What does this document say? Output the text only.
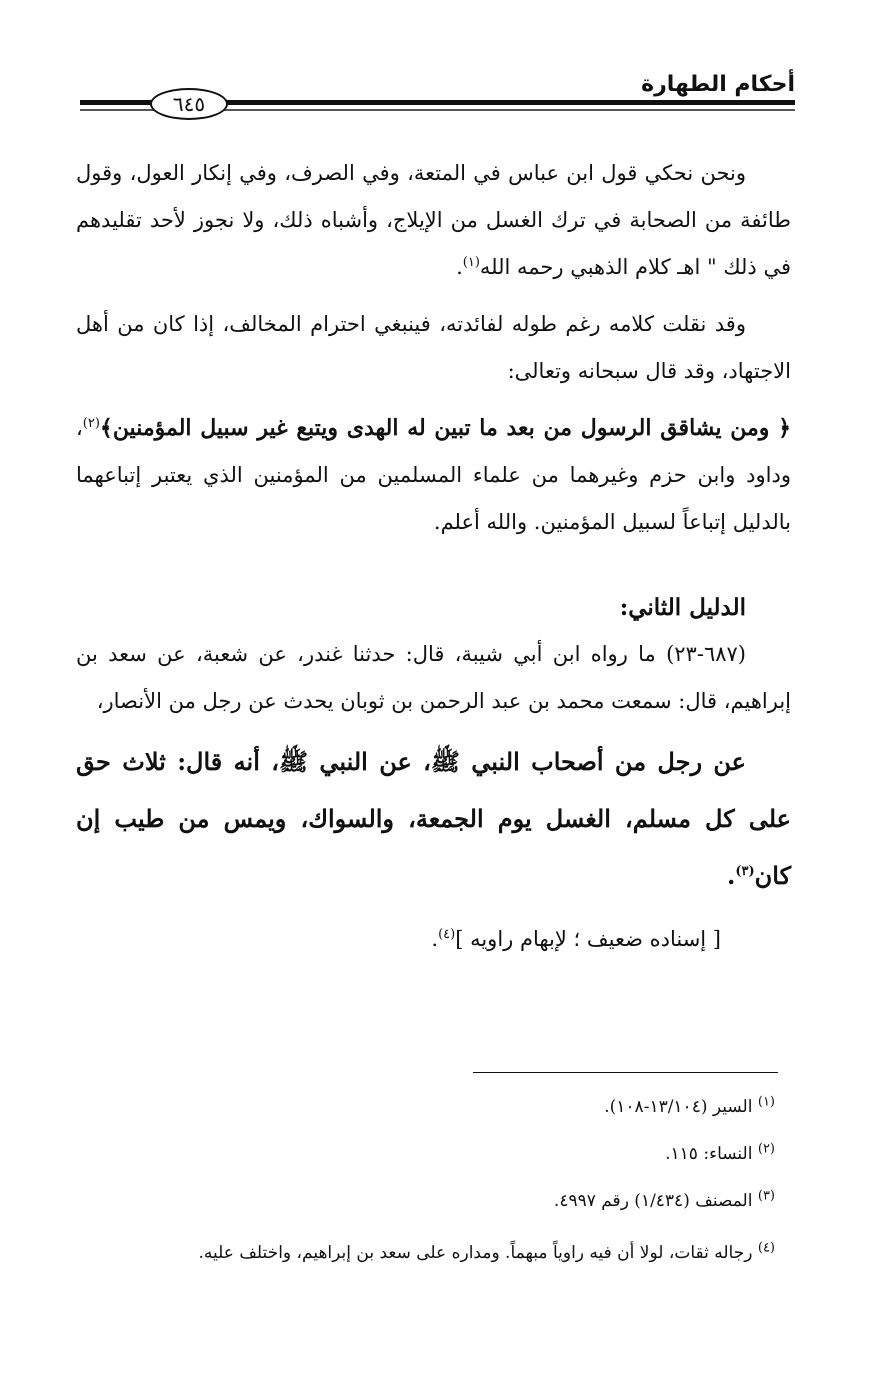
أحكام الطهارة
٦٤٥

ونحن نحكي قول ابن عباس في المتعة، وفي الصرف، وفي إنكار العول، وقول طائفة من الصحابة في ترك الغسل من الإيلاج، وأشباه ذلك، ولا نجوز لأحد تقليدهم في ذلك " اهـ كلام الذهبي رحمه الله$^{(١)}$.

وقد نقلت كلامه رغم طوله لفائدته، فينبغي احترام المخالف، إذا كان من أهل الاجتهاد، وقد قال سبحانه وتعالى:

﴿ ومن يشاقق الرسول من بعد ما تبين له الهدى ويتبع غير سبيل المؤمنين﴾$^{(٢)}$، وداود وابن حزم وغيرهما من علماء المسلمين من المؤمنين الذي يعتبر إتباعهما بالدليل إتباعاً لسبيل المؤمنين. والله أعلم.

الدليل الثاني:

(٦٨٧-٢٣) ما رواه ابن أبي شيبة، قال: حدثنا غندر، عن شعبة، عن سعد بن إبراهيم، قال: سمعت محمد بن عبد الرحمن بن ثوبان يحدث عن رجل من الأنصار،

عن رجل من أصحاب النبي ﷺ، عن النبي ﷺ، أنه قال: ثلاث حق على كل مسلم، الغسل يوم الجمعة، والسواك، ويمس من طيب إن كان$^{(٣)}$.

[ إسناده ضعيف ؛ لإبهام راويه ]$^{(٤)}$.

$^{(١)}$ السير (١٣/١٠٤-١٠٨).

$^{(٢)}$ النساء: ١١٥.

$^{(٣)}$ المصنف (١/٤٣٤) رقم ٤٩٩٧.

$^{(٤)}$ رجاله ثقات، لولا أن فيه راوياً مبهماً. ومداره على سعد بن إبراهيم، واختلف عليه.
